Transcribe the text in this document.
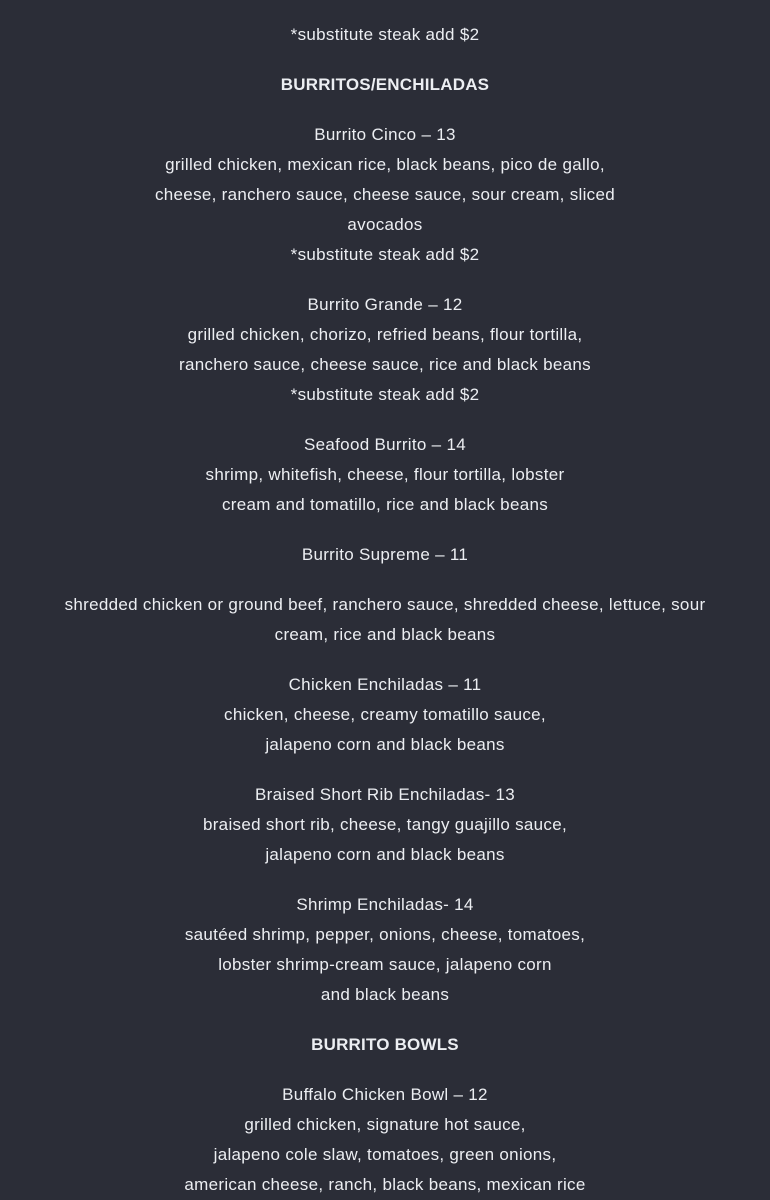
*substitute steak add $2
BURRITOS/ENCHILADAS
Burrito Cinco – 13
grilled chicken, mexican rice, black beans, pico de gallo,
cheese, ranchero sauce, cheese sauce, sour cream, sliced
avocados
*substitute steak add $2
Burrito Grande – 12
grilled chicken, chorizo, refried beans, flour tortilla,
ranchero sauce, cheese sauce, rice and black beans
*substitute steak add $2
Seafood Burrito – 14
shrimp, whitefish, cheese, flour tortilla, lobster
cream and tomatillo, rice and black beans
Burrito Supreme – 11
shredded chicken or ground beef, ranchero sauce, shredded cheese, lettuce, sour
cream, rice and black beans
Chicken Enchiladas – 11
chicken, cheese, creamy tomatillo sauce,
jalapeno corn and black beans
Braised Short Rib Enchiladas- 13
braised short rib, cheese, tangy guajillo sauce,
jalapeno corn and black beans
Shrimp Enchiladas- 14
sautéed shrimp, pepper, onions, cheese, tomatoes,
lobster shrimp-cream sauce, jalapeno corn
and black beans
BURRITO BOWLS
Buffalo Chicken Bowl – 12
grilled chicken, signature hot sauce,
jalapeno cole slaw, tomatoes, green onions,
american cheese, ranch, black beans, mexican rice
